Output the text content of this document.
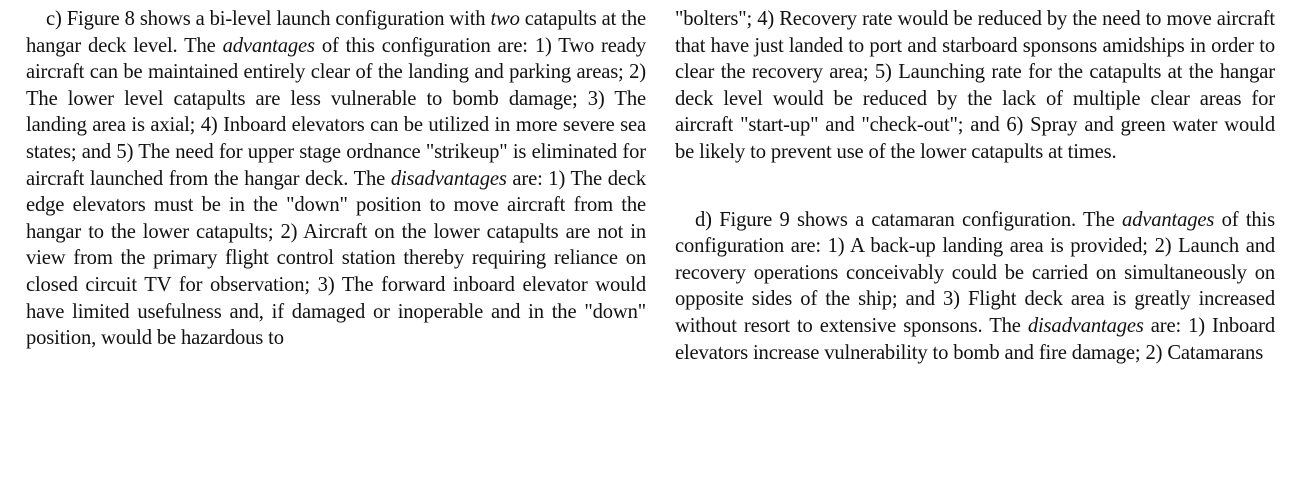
c) Figure 8 shows a bi-level launch configuration with two catapults at the hangar deck level. The advantages of this configuration are: 1) Two ready aircraft can be maintained entirely clear of the landing and parking areas; 2) The lower level catapults are less vulnerable to bomb damage; 3) The landing area is axial; 4) Inboard elevators can be utilized in more severe sea states; and 5) The need for upper stage ordnance "strikeup" is eliminated for aircraft launched from the hangar deck. The disadvantages are: 1) The deck edge elevators must be in the "down" position to move aircraft from the hangar to the lower catapults; 2) Aircraft on the lower catapults are not in view from the primary flight control station thereby requiring reliance on closed circuit TV for observation; 3) The forward inboard elevator would have limited usefulness and, if damaged or inoperable and in the "down" position, would be hazardous to

"bolters"; 4) Recovery rate would be reduced by the need to move aircraft that have just landed to port and starboard sponsons amidships in order to clear the recovery area; 5) Launching rate for the catapults at the hangar deck level would be reduced by the lack of multiple clear areas for aircraft "start-up" and "check-out"; and 6) Spray and green water would be likely to prevent use of the lower catapults at times.

d) Figure 9 shows a catamaran configuration. The advantages of this configuration are: 1) A back-up landing area is provided; 2) Launch and recovery operations conceivably could be carried on simultaneously on opposite sides of the ship; and 3) Flight deck area is greatly increased without resort to extensive sponsons. The disadvantages are: 1) Inboard elevators increase vulnerability to bomb and fire damage; 2) Catamarans
